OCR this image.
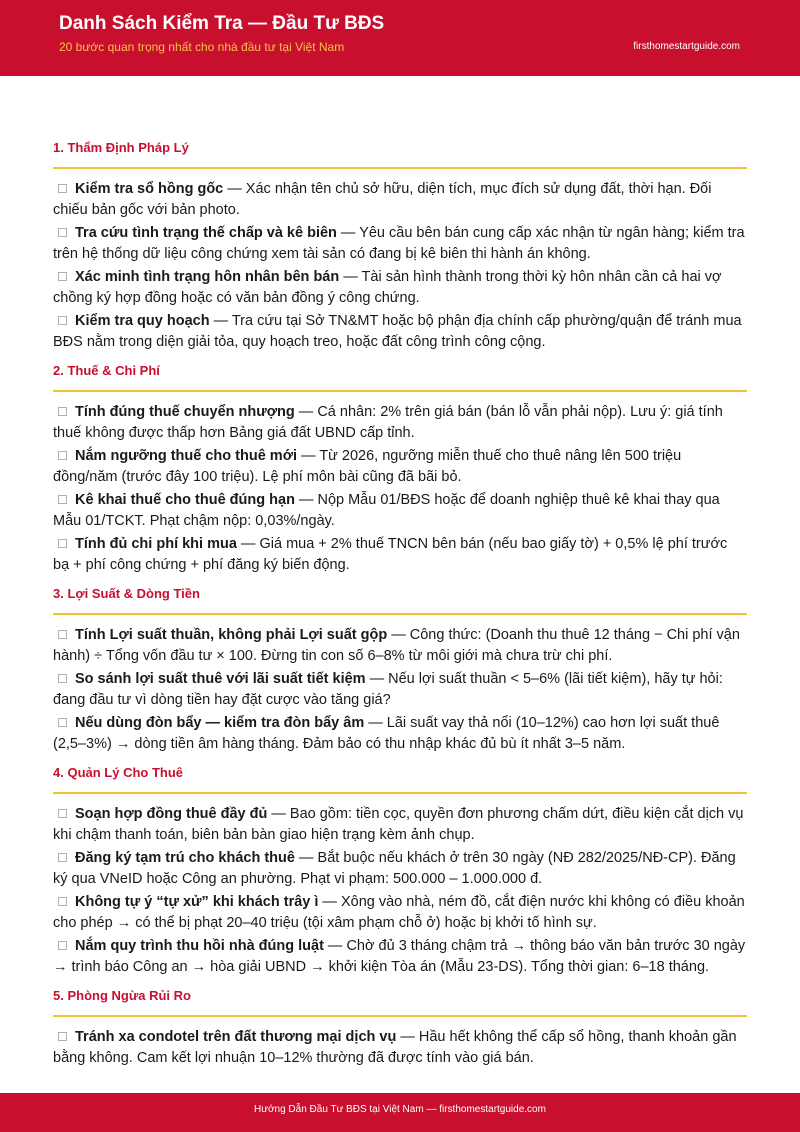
Danh Sách Kiểm Tra — Đầu Tư BĐS
20 bước quan trọng nhất cho nhà đầu tư tại Việt Nam	firsthomestartguide.com
1. Thẩm Định Pháp Lý
Kiểm tra sổ hồng gốc — Xác nhận tên chủ sở hữu, diện tích, mục đích sử dụng đất, thời hạn. Đối chiếu bản gốc với bản photo.
Tra cứu tình trạng thế chấp và kê biên — Yêu cầu bên bán cung cấp xác nhận từ ngân hàng; kiểm tra trên hệ thống dữ liệu công chứng xem tài sản có đang bị kê biên thi hành án không.
Xác minh tình trạng hôn nhân bên bán — Tài sản hình thành trong thời kỳ hôn nhân cần cả hai vợ chồng ký hợp đồng hoặc có văn bản đồng ý công chứng.
Kiểm tra quy hoạch — Tra cứu tại Sở TN&MT hoặc bộ phận địa chính cấp phường/quận để tránh mua BĐS nằm trong diện giải tỏa, quy hoạch treo, hoặc đất công trình công cộng.
2. Thuế & Chi Phí
Tính đúng thuế chuyển nhượng — Cá nhân: 2% trên giá bán (bán lỗ vẫn phải nộp). Lưu ý: giá tính thuế không được thấp hơn Bảng giá đất UBND cấp tỉnh.
Nắm ngưỡng thuế cho thuê mới — Từ 2026, ngưỡng miễn thuế cho thuê nâng lên 500 triệu đồng/năm (trước đây 100 triệu). Lệ phí môn bài cũng đã bãi bỏ.
Kê khai thuế cho thuê đúng hạn — Nộp Mẫu 01/BĐS hoặc để doanh nghiệp thuê kê khai thay qua Mẫu 01/TCKT. Phạt chậm nộp: 0,03%/ngày.
Tính đủ chi phí khi mua — Giá mua + 2% thuế TNCN bên bán (nếu bao giấy tờ) + 0,5% lệ phí trước bạ + phí công chứng + phí đăng ký biến động.
3. Lợi Suất & Dòng Tiền
Tính Lợi suất thuần, không phải Lợi suất gộp — Công thức: (Doanh thu thuê 12 tháng − Chi phí vận hành) ÷ Tổng vốn đầu tư × 100. Đừng tin con số 6–8% từ môi giới mà chưa trừ chi phí.
So sánh lợi suất thuê với lãi suất tiết kiệm — Nếu lợi suất thuần < 5–6% (lãi tiết kiệm), hãy tự hỏi: đang đầu tư vì dòng tiền hay đặt cược vào tăng giá?
Nếu dùng đòn bẩy — kiểm tra đòn bẩy âm — Lãi suất vay thả nổi (10–12%) cao hơn lợi suất thuê (2,5–3%) → dòng tiền âm hàng tháng. Đảm bảo có thu nhập khác đủ bù ít nhất 3–5 năm.
4. Quản Lý Cho Thuê
Soạn hợp đồng thuê đầy đủ — Bao gồm: tiền cọc, quyền đơn phương chấm dứt, điều kiện cắt dịch vụ khi chậm thanh toán, biên bản bàn giao hiện trạng kèm ảnh chụp.
Đăng ký tạm trú cho khách thuê — Bắt buộc nếu khách ở trên 30 ngày (NĐ 282/2025/NĐ-CP). Đăng ký qua VNeID hoặc Công an phường. Phạt vi phạm: 500.000 – 1.000.000 đ.
Không tự ý “tự xử” khi khách trây ì — Xông vào nhà, ném đồ, cắt điện nước khi không có điều khoản cho phép → có thể bị phạt 20–40 triệu (tội xâm phạm chỗ ở) hoặc bị khởi tố hình sự.
Nắm quy trình thu hồi nhà đúng luật — Chờ đủ 3 tháng chậm trả → thông báo văn bản trước 30 ngày → trình báo Công an → hòa giải UBND → khởi kiện Tòa án (Mẫu 23-DS). Tổng thời gian: 6–18 tháng.
5. Phòng Ngừa Rủi Ro
Tránh xa condotel trên đất thương mại dịch vụ — Hầu hết không thể cấp sổ hồng, thanh khoản gần bằng không. Cam kết lợi nhuận 10–12% thường đã được tính vào giá bán.
Hướng Dẫn Đầu Tư BĐS tại Việt Nam — firsthomestartguide.com
